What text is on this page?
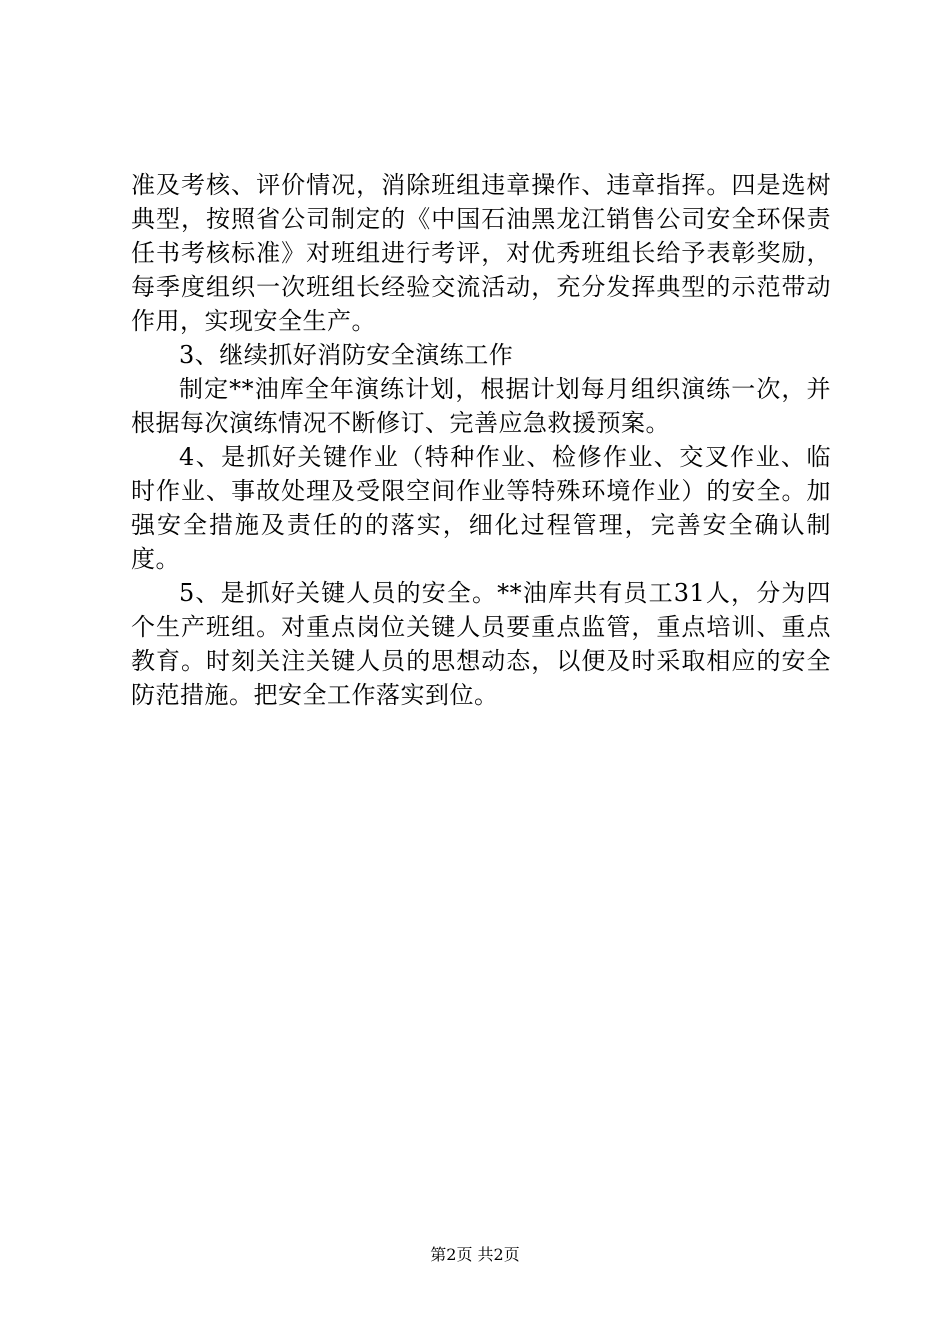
准及考核、评价情况，消除班组违章操作、违章指挥。四是选树典型，按照省公司制定的《中国石油黑龙江销售公司安全环保责任书考核标准》对班组进行考评，对优秀班组长给予表彰奖励，每季度组织一次班组长经验交流活动，充分发挥典型的示范带动作用，实现安全生产。

3、继续抓好消防安全演练工作

制定**油库全年演练计划，根据计划每月组织演练一次，并根据每次演练情况不断修订、完善应急救援预案。

4、是抓好关键作业（特种作业、检修作业、交叉作业、临时作业、事故处理及受限空间作业等特殊环境作业）的安全。加强安全措施及责任的的落实，细化过程管理，完善安全确认制度。

5、是抓好关键人员的安全。**油库共有员工31人，分为四个生产班组。对重点岗位关键人员要重点监管，重点培训、重点教育。时刻关注关键人员的思想动态，以便及时采取相应的安全防范措施。把安全工作落实到位。

第2页 共2页
